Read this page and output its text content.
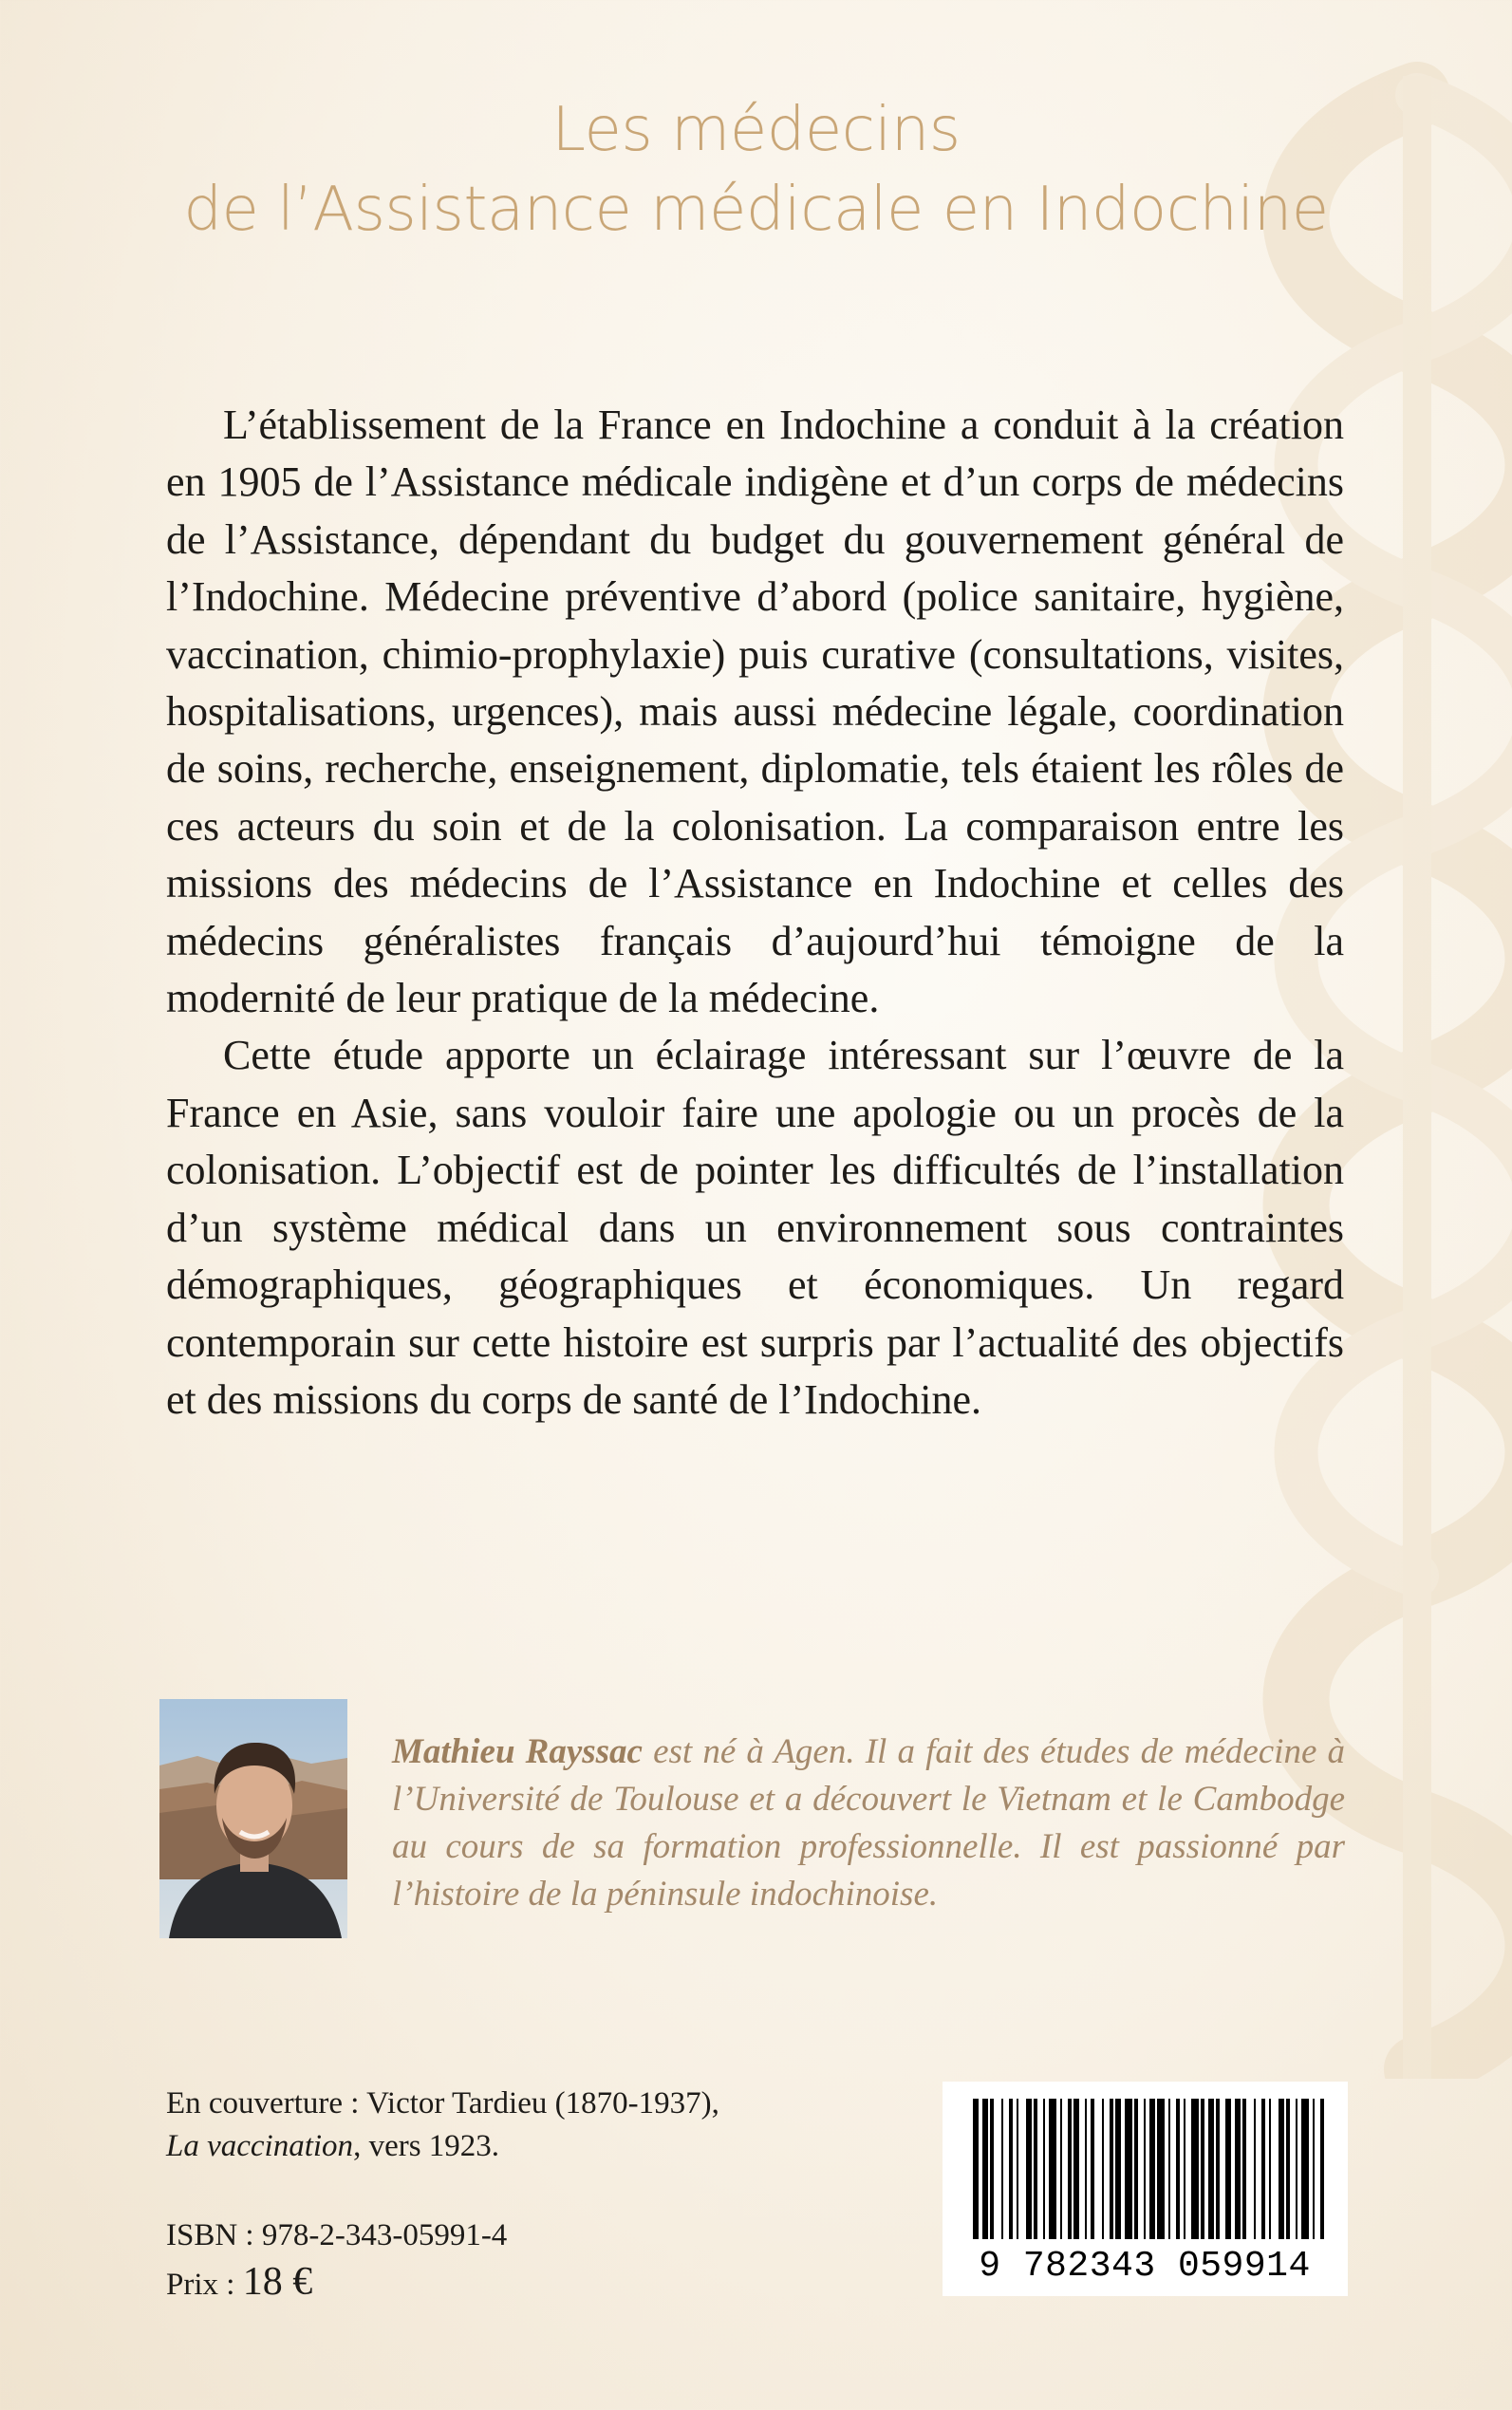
Les médecins
de l’Assistance médicale en Indochine

L’établissement de la France en Indochine a conduit à la création en 1905 de l’Assistance médicale indigène et d’un corps de médecins de l’Assistance, dépendant du budget du gouvernement général de l’Indochine. Médecine préventive d’abord (police sanitaire, hygiène, vaccination, chimio-prophylaxie) puis curative (consultations, visites, hospitalisations, urgences), mais aussi médecine légale, coordination de soins, recherche, enseignement, diplomatie, tels étaient les rôles de ces acteurs du soin et de la colonisation. La comparaison entre les missions des médecins de l’Assistance en Indochine et celles des médecins généralistes français d’aujourd’hui témoigne de la modernité de leur pratique de la médecine.

Cette étude apporte un éclairage intéressant sur l’œuvre de la France en Asie, sans vouloir faire une apologie ou un procès de la colonisation. L’objectif est de pointer les difficultés de l’installation d’un système médical dans un environnement sous contraintes démographiques, géographiques et économiques. Un regard contemporain sur cette histoire est surpris par l’actualité des objectifs et des missions du corps de santé de l’Indochine.

Mathieu Rayssac est né à Agen. Il a fait des études de médecine à l’Université de Toulouse et a découvert le Vietnam et le Cambodge au cours de sa formation professionnelle. Il est passionné par l’histoire de la péninsule indochinoise.

En couverture : Victor Tardieu (1870-1937),
La vaccination, vers 1923.

ISBN : 978-2-343-05991-4

Prix : 18 €	9 782343 059914
